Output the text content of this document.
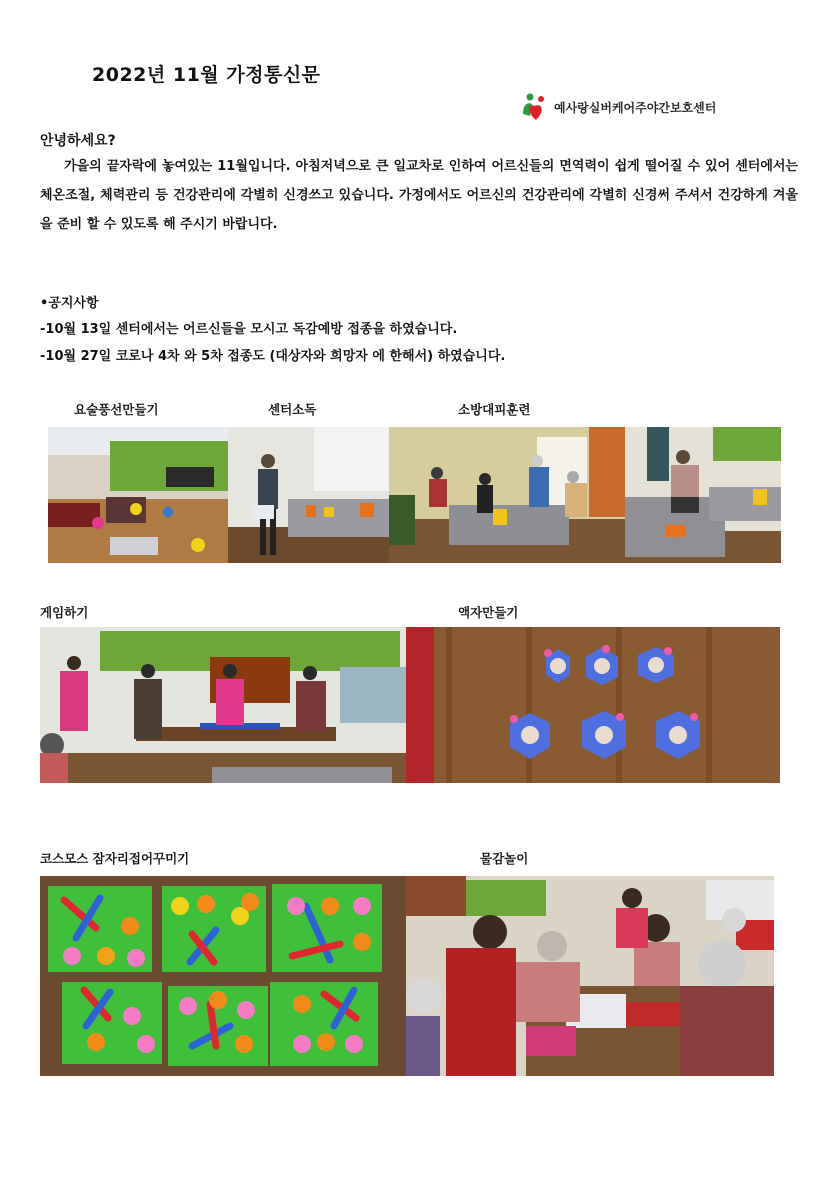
2022년 11월 가정통신문
예사랑실버케어주야간보호센터
안녕하세요?
가을의 끝자락에 놓여있는 11월입니다. 아침저녁으로 큰 일교차로 인하여 어르신들의 면역력이 쉽게 떨어질 수 있어 센터에서는 체온조절, 체력관리 등 건강관리에 각별히 신경쓰고 있습니다. 가정에서도 어르신의 건강관리에 각별히 신경써 주셔서 건강하게 겨울을 준비 할 수 있도록 해 주시기 바랍니다.
•공지사항
-10월 13일 센터에서는 어르신들을 모시고 독감예방 접종을 하였습니다.
-10월 27일 코로나 4차 와 5차 접종도 (대상자와 희망자 에 한해서) 하였습니다.
요술풍선만들기	센터소독	소방대피훈련
게임하기	액자만들기
코스모스 잠자리접어꾸미기	물감놀이
